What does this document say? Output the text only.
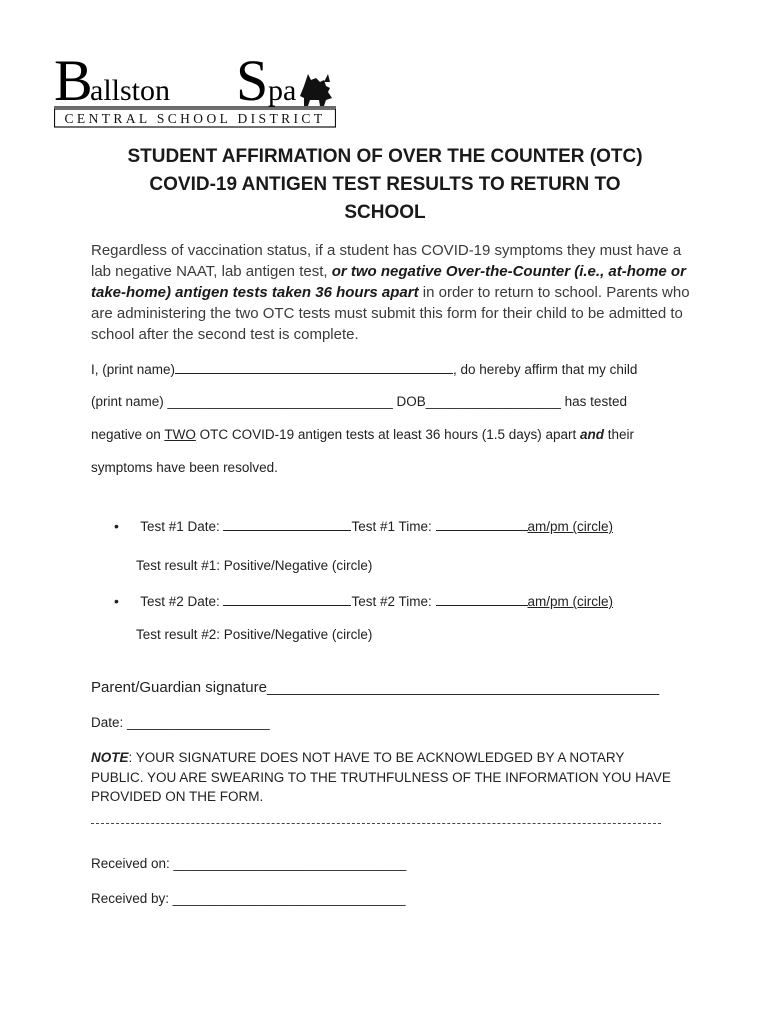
B
allston S pa
CENTRAL SCHOOL DISTRICT
STUDENT AFFIRMATION OF OVER THE COUNTER (OTC)
COVID-19 ANTIGEN TEST RESULTS TO RETURN TO
SCHOOL
Regardless of vaccination status, if a student has COVID-19 symptoms they must have a lab negative NAAT, lab antigen test, or two negative Over-the-Counter (i.e., at-home or take-home) antigen tests taken 36 hours apart in order to return to school. Parents who are administering the two OTC tests must submit this form for their child to be admitted to school after the second test is complete.
I, (print name)	, do hereby affirm that my child
(print name) ______________________________ DOB__________________ has tested
negative on TWO OTC COVID-19 antigen tests at least 36 hours (1.5 days) apart and their
symptoms have been resolved.
• Test #1 Date:	Test #1 Time:	am/pm (circle)
Test result #1: Positive/Negative (circle)
• Test #2 Date:	Test #2 Time:	am/pm (circle)
Test result #2: Positive/Negative (circle)
Parent/Guardian signature_______________________________________________
Date: ___________________
NOTE: YOUR SIGNATURE DOES NOT HAVE TO BE ACKNOWLEDGED BY A NOTARY PUBLIC. YOU ARE SWEARING TO THE TRUTHFULNESS OF THE INFORMATION YOU HAVE PROVIDED ON THE FORM.
Received on: _______________________________
Received by: _______________________________
